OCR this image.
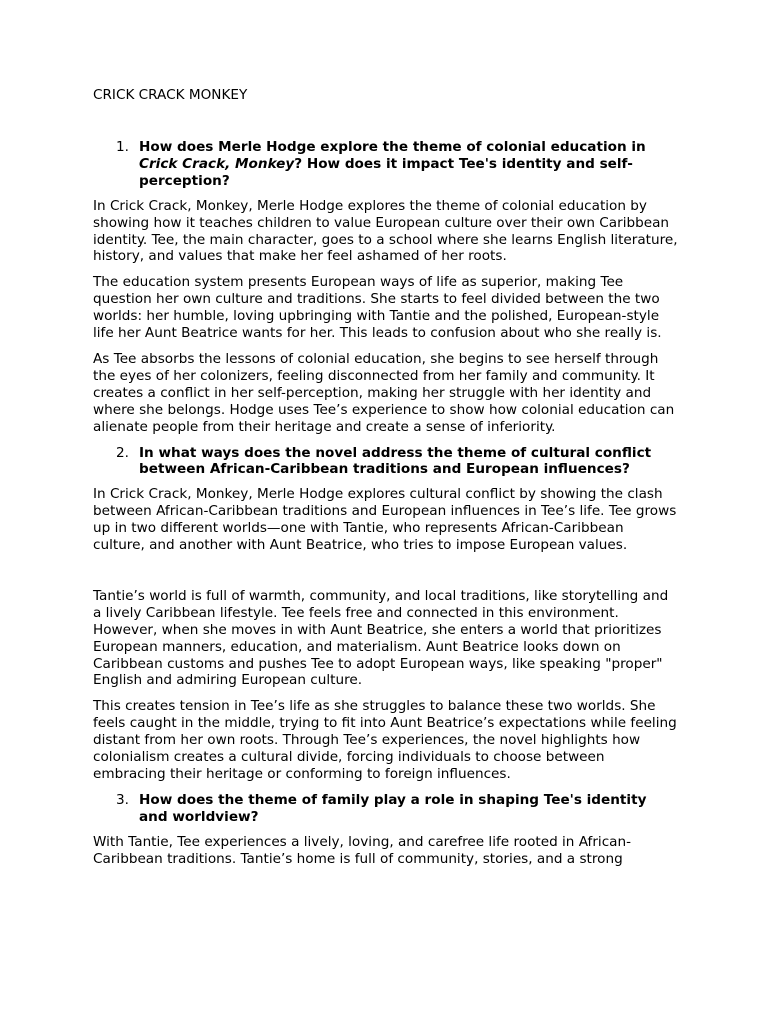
CRICK CRACK MONKEY

1. How does Merle Hodge explore the theme of colonial education in Crick Crack, Monkey? How does it impact Tee's identity and self-perception?

In Crick Crack, Monkey, Merle Hodge explores the theme of colonial education by showing how it teaches children to value European culture over their own Caribbean identity. Tee, the main character, goes to a school where she learns English literature, history, and values that make her feel ashamed of her roots.

The education system presents European ways of life as superior, making Tee question her own culture and traditions. She starts to feel divided between the two worlds: her humble, loving upbringing with Tantie and the polished, European-style life her Aunt Beatrice wants for her. This leads to confusion about who she really is.

As Tee absorbs the lessons of colonial education, she begins to see herself through the eyes of her colonizers, feeling disconnected from her family and community. It creates a conflict in her self-perception, making her struggle with her identity and where she belongs. Hodge uses Tee’s experience to show how colonial education can alienate people from their heritage and create a sense of inferiority.

2. In what ways does the novel address the theme of cultural conflict between African-Caribbean traditions and European influences?

In Crick Crack, Monkey, Merle Hodge explores cultural conflict by showing the clash between African-Caribbean traditions and European influences in Tee’s life. Tee grows up in two different worlds—one with Tantie, who represents African-Caribbean culture, and another with Aunt Beatrice, who tries to impose European values.

Tantie’s world is full of warmth, community, and local traditions, like storytelling and a lively Caribbean lifestyle. Tee feels free and connected in this environment. However, when she moves in with Aunt Beatrice, she enters a world that prioritizes European manners, education, and materialism. Aunt Beatrice looks down on Caribbean customs and pushes Tee to adopt European ways, like speaking "proper" English and admiring European culture.

This creates tension in Tee’s life as she struggles to balance these two worlds. She feels caught in the middle, trying to fit into Aunt Beatrice’s expectations while feeling distant from her own roots. Through Tee’s experiences, the novel highlights how colonialism creates a cultural divide, forcing individuals to choose between embracing their heritage or conforming to foreign influences.

3. How does the theme of family play a role in shaping Tee's identity and worldview?

With Tantie, Tee experiences a lively, loving, and carefree life rooted in African-Caribbean traditions. Tantie’s home is full of community, stories, and a strong
